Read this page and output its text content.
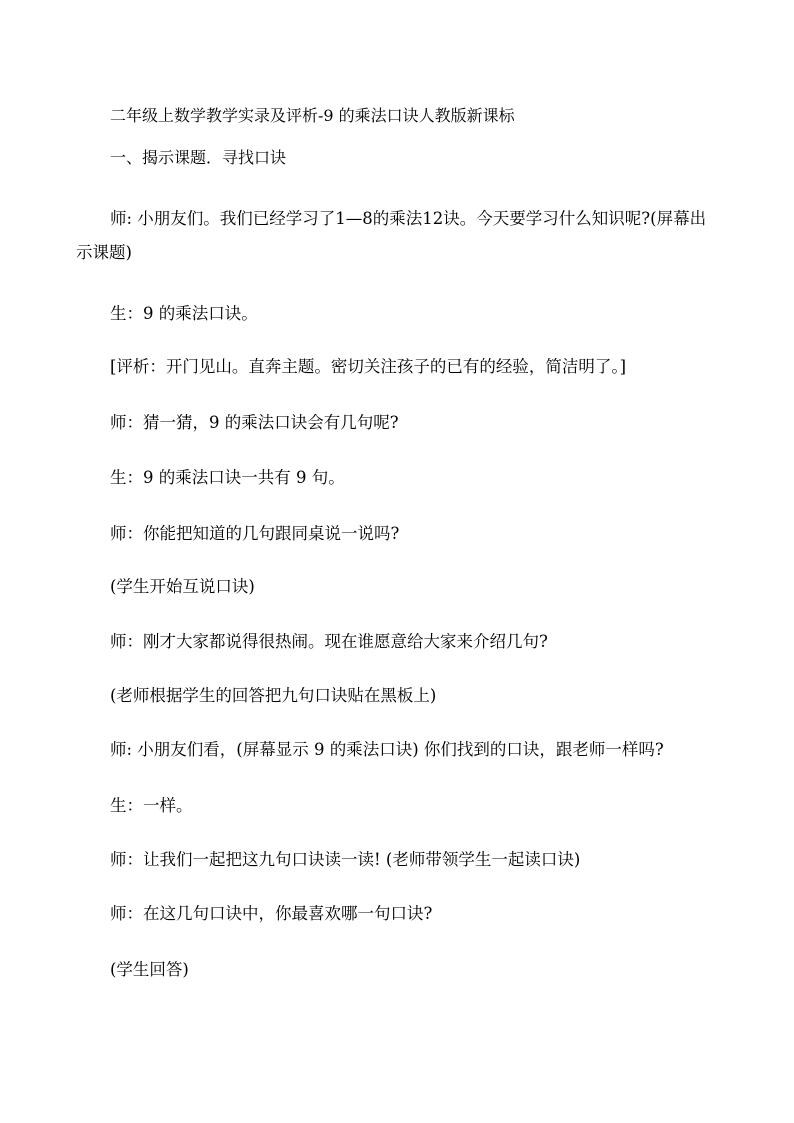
二年级上数学教学实录及评析-9 的乘法口诀人教版新课标
一、揭示课题．寻找口诀
师: 小朋友们。我们已经学习了1—8的乘法12诀。今天要学习什么知识呢?(屏幕出示课题)
生：9 的乘法口诀。
[评析：开门见山。直奔主题。密切关注孩子的已有的经验，简洁明了。]
师：猜一猜，9 的乘法口诀会有几句呢?
生：9 的乘法口诀一共有 9 句。
师：你能把知道的几句跟同桌说一说吗?
(学生开始互说口诀)
师：刚才大家都说得很热闹。现在谁愿意给大家来介绍几句?
(老师根据学生的回答把九句口诀贴在黑板上)
师: 小朋友们看，(屏幕显示 9 的乘法口诀) 你们找到的口诀，跟老师一样吗?
生：一样。
师：让我们一起把这九句口诀读一读! (老师带领学生一起读口诀)
师：在这几句口诀中，你最喜欢哪一句口诀?
(学生回答)
